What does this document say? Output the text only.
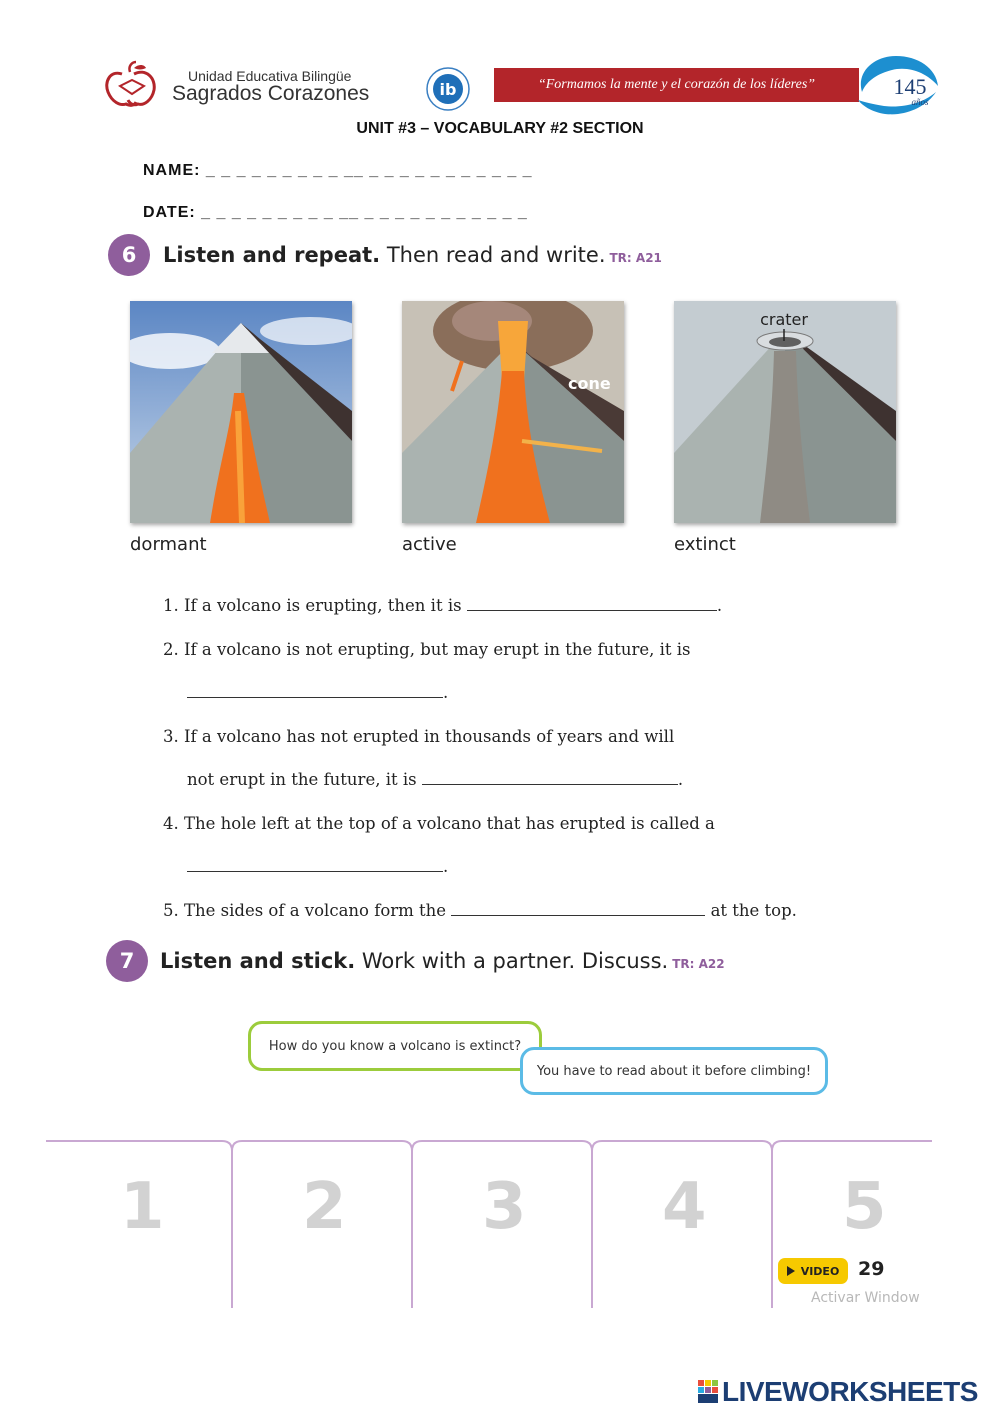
Unidad Educativa Bilingüe
Sagrados Corazones	ib	“Formamos la mente y el corazón de los líderes”	145
años
UNIT #3 – VOCABULARY #2 SECTION
NAME: _ _ _ _ _ _ _ _ _ __ _ _ _ _ _ _ _ _ _ _ _
DATE: _ _ _ _ _ _ _ _ _ __ _ _ _ _ _ _ _ _ _ _ _
6	Listen and repeat. Then read and write. TR: A21
dormant
cone
active
crater
extinct
1. If a volcano is erupting, then it is	.
2. If a volcano is not erupting, but may erupt in the future, it is
.
3. If a volcano has not erupted in thousands of years and will
not erupt in the future, it is	.
4. The hole left at the top of a volcano that has erupted is called a
.
5. The sides of a volcano form the	at the top.
7	Listen and stick. Work with a partner. Discuss. TR: A22
How do you know a volcano is extinct?
You have to read about it before climbing!
1 2 3 4 5
VIDEO 29
Activar Window
LIVEWORKSHEETS
